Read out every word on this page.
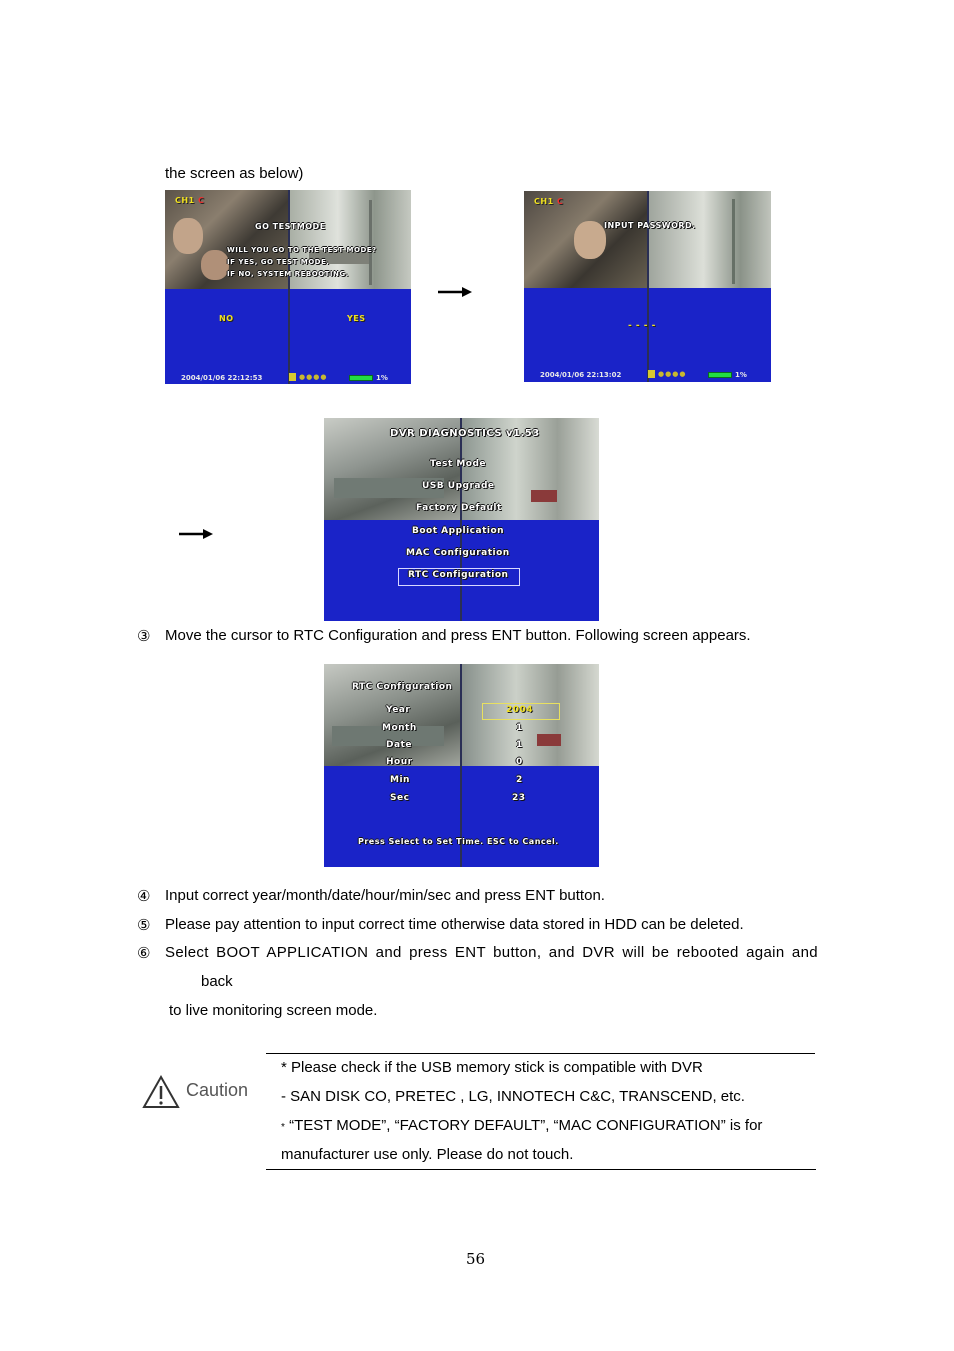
the screen as below)
CH1 C
GO TESTMODE
WILL YOU GO TO THE TEST MODE?
IF YES, GO TEST MODE.
IF NO, SYSTEM REBOOTING.
NO	YES
2004/01/06 22:12:53	●●●●	1%
CH1 C
INPUT PASSWORD.
- - - -
2004/01/06 22:13:02	●●●●	1%
DVR DIAGNOSTICS v1.53
Test Mode
USB Upgrade
Factory Default
Boot Application
MAC Configuration
RTC Configuration
③ Move the cursor to RTC Configuration and press ENT button. Following screen appears.
RTC Configuration
Year	2004
Month	1
Date	1
Hour	0
Min	2
Sec	23
Press Select to Set Time. ESC to Cancel.
④ Input correct year/month/date/hour/min/sec and press ENT button.
⑤ Please pay attention to input correct time otherwise data stored in HDD can be deleted.
⑥ Select BOOT APPLICATION and press ENT button, and DVR will be rebooted again and
back
to live monitoring screen mode.
Caution
* Please check if the USB memory stick is compatible with DVR
- SAN DISK CO, PRETEC , LG, INNOTECH C&C, TRANSCEND, etc.
* “TEST MODE”, “FACTORY DEFAULT”, “MAC CONFIGURATION” is for
manufacturer use only. Please do not touch.
56
